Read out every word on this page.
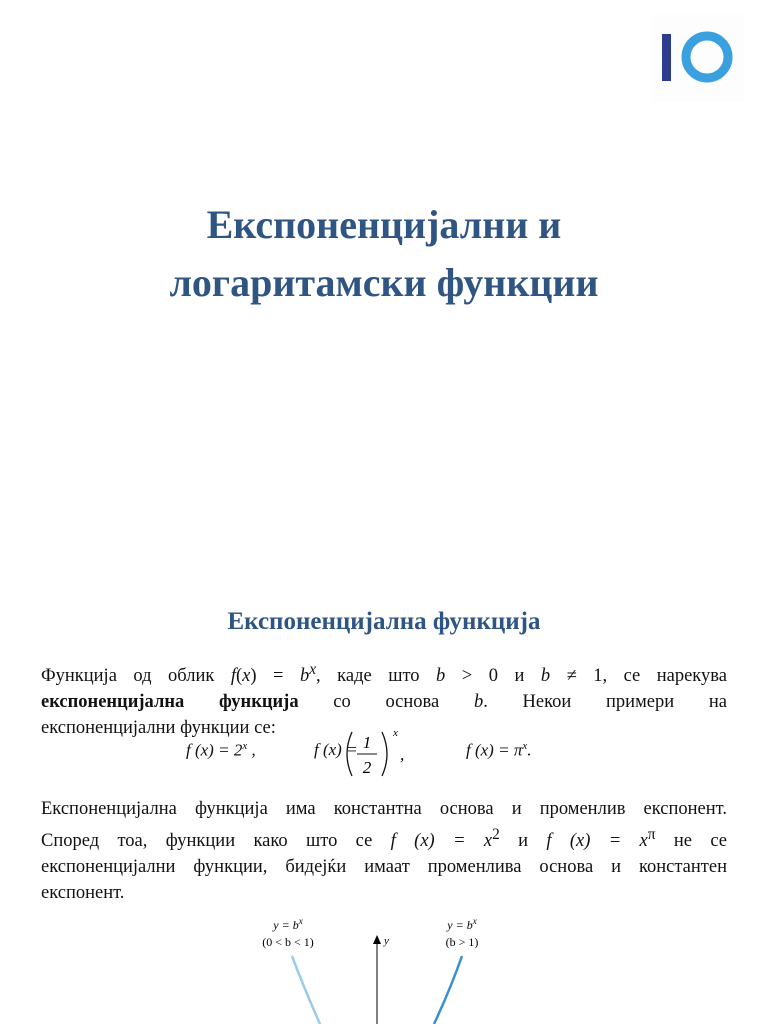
Експоненцијални и
логаритамски функции
Експоненцијална функција
Функција од облик $f(x) = b^x$, каде што b > 0 и b ≠ 1, се нарекува
експоненцијална функција со основа b. Некои примери на
експоненцијални функции се:
f $(x) = 2^x$ ,	f (x) = 1
2
x
,	f $(x) = \pi^x$.
Експоненцијална функција има константна основа и променлив експонент.
Според тоа, функции како што се f $(x) = x^2$ и f $(x) = x^\pi$ не се
експоненцијални функции, бидејќи имаат променлива основа и константен
експонент.
$y = b^x$
(0 < b < 1)
$y = b^x$
(b > 1)
y
